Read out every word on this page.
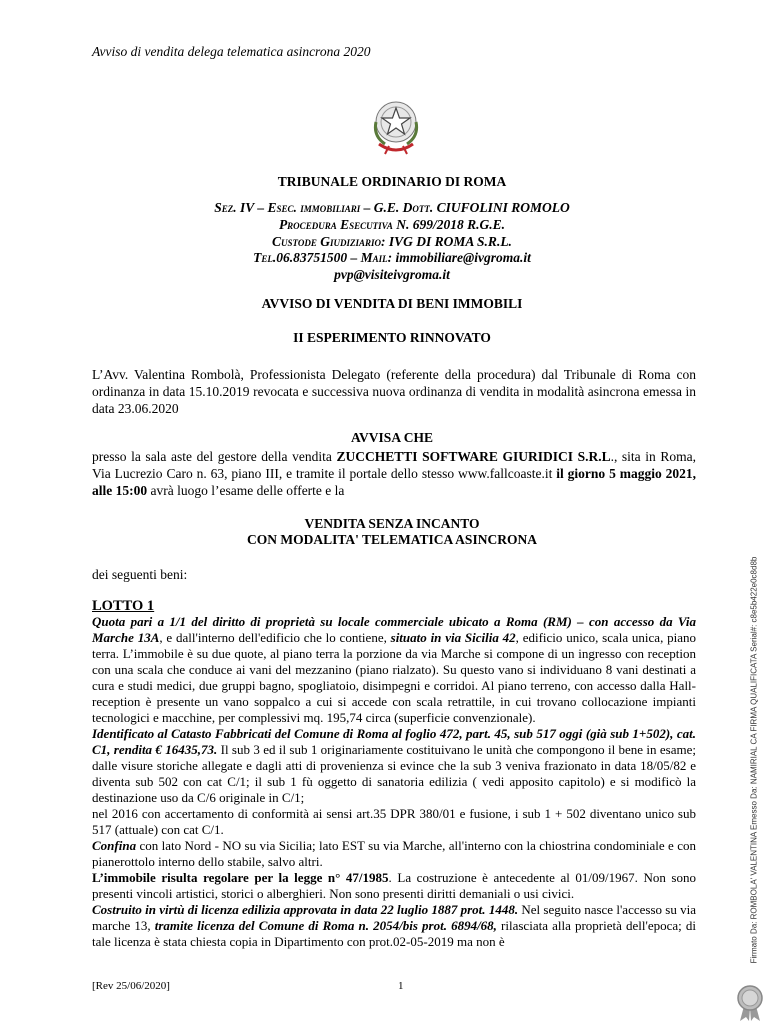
Avviso di vendita delega telematica asincrona 2020
TRIBUNALE ORDINARIO DI ROMA
Sez. IV – Esec. immobiliari – G.E. Dott. CIUFOLINI ROMOLO
Procedura Esecutiva N. 699/2018 R.G.E.
Custode Giudiziario: IVG DI ROMA S.R.L.
Tel.06.83751500 – Mail: immobiliare@ivgroma.it
pvp@visiteivgroma.it
AVVISO DI VENDITA DI BENI IMMOBILI
II ESPERIMENTO RINNOVATO
L’Avv. Valentina Rombolà, Professionista Delegato (referente della procedura) dal Tribunale di Roma con ordinanza in data 15.10.2019 revocata e successiva nuova ordinanza di vendita in modalità asincrona emessa in data 23.06.2020
AVVISA CHE
presso la sala aste del gestore della vendita ZUCCHETTI SOFTWARE GIURIDICI S.R.L., sita in Roma, Via Lucrezio Caro n. 63, piano III, e tramite il portale dello stesso www.fallcoaste.it il giorno 5 maggio 2021, alle 15:00 avrà luogo l’esame delle offerte e la
VENDITA SENZA INCANTO
CON MODALITA' TELEMATICA ASINCRONA
dei seguenti beni:
LOTTO 1

Quota pari a 1/1 del diritto di proprietà su locale commerciale ubicato a Roma (RM) – con accesso da Via Marche 13A, e dall'interno dell'edificio che lo contiene, situato in via Sicilia 42, edificio unico, scala unica, piano terra. L’immobile è su due quote, al piano terra la porzione da via Marche si compone di un ingresso con reception con una scala che conduce ai vani del mezzanino (piano rialzato). Su questo vano si individuano 8 vani destinati a cura e studi medici, due gruppi bagno, spogliatoio, disimpegni e corridoi. Al piano terreno, con accesso dalla Hall-reception è presente un vano soppalco a cui si accede con scala retrattile, in cui trovano collocazione impianti tecnologici e macchine, per complessivi mq. 195,74 circa (superficie convenzionale).

Identificato al Catasto Fabbricati del Comune di Roma al foglio 472, part. 45, sub 517 oggi (già sub 1+502), cat. C1, rendita € 16435,73. Il sub 3 ed il sub 1 originariamente costituivano le unità che compongono il bene in esame; dalle visure storiche allegate e dagli atti di provenienza si evince che la sub 3 veniva frazionato in data 18/05/82 e diventa sub 502 con cat C/1; il sub 1 fù oggetto di sanatoria edilizia ( vedi apposito capitolo) e si modificò la destinazione uso da C/6 originale in C/1;

nel 2016 con accertamento di conformità ai sensi art.35 DPR 380/01 e fusione, i sub 1 + 502 diventano unico sub 517 (attuale) con cat C/1.

Confina con lato Nord - NO su via Sicilia; lato EST su via Marche, all'interno con la chiostrina condominiale e con pianerottolo interno dello stabile, salvo altri.

L’immobile risulta regolare per la legge n° 47/1985. La costruzione è antecedente al 01/09/1967. Non sono presenti vincoli artistici, storici o alberghieri. Non sono presenti diritti demaniali o usi civici.

Costruito in virtù di licenza edilizia approvata in data 22 luglio 1887 prot. 1448. Nel seguito nasce l'accesso su via marche 13, tramite licenza del Comune di Roma n. 2054/bis prot. 6894/68, rilasciata alla proprietà dell'epoca; di tale licenza è stata chiesta copia in Dipartimento con prot.02-05-2019 ma non è

[Rev 25/06/2020]	1
Firmato Da: ROMBOLA' VALENTINA Emesso Da: NAMIRIAL CA FIRMA QUALIFICATA Serial#: c8e5b422e0c8d8b
